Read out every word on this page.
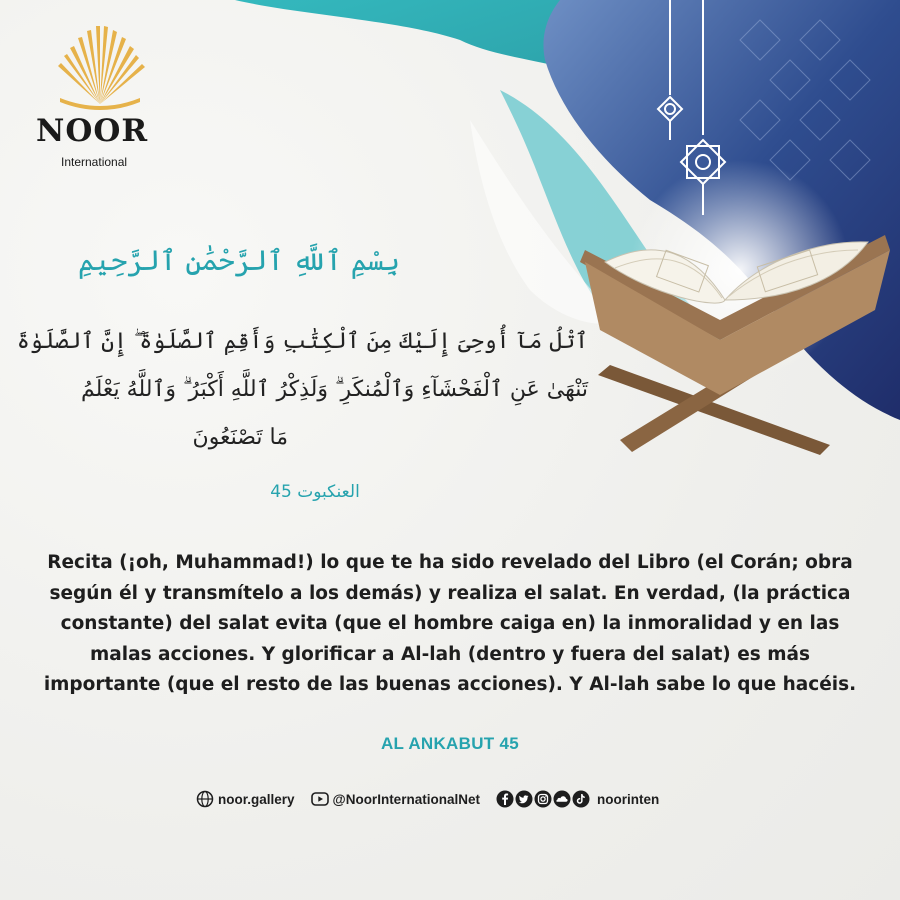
NOOR
International
بِسْمِ ٱللَّهِ ٱلرَّحْمَٰنِ ٱلرَّحِيمِ
ٱتْلُ مَآ أُوحِىَ إِلَيْكَ مِنَ ٱلْكِتَٰبِ وَأَقِمِ ٱلصَّلَوٰةَ ۖ إِنَّ ٱلصَّلَوٰةَ
تَنْهَىٰ عَنِ ٱلْفَحْشَآءِ وَٱلْمُنكَرِ ۗ وَلَذِكْرُ ٱللَّهِ أَكْبَرُ ۗ وَٱللَّهُ يَعْلَمُ
مَا تَصْنَعُونَ
العنكبوت 45
Recita (¡oh, Muhammad!) lo que te ha sido revelado del Libro (el Corán; obra según él y transmítelo a los demás) y realiza el salat. En verdad, (la práctica constante) del salat evita (que el hombre caiga en) la inmoralidad y en las malas acciones. Y glorificar a Al-lah (dentro y fuera del salat) es más importante (que el resto de las buenas acciones). Y Al-lah sabe lo que hacéis.
AL ANKABUT 45
noor.gallery	@NoorInternationalNet	noorinten
